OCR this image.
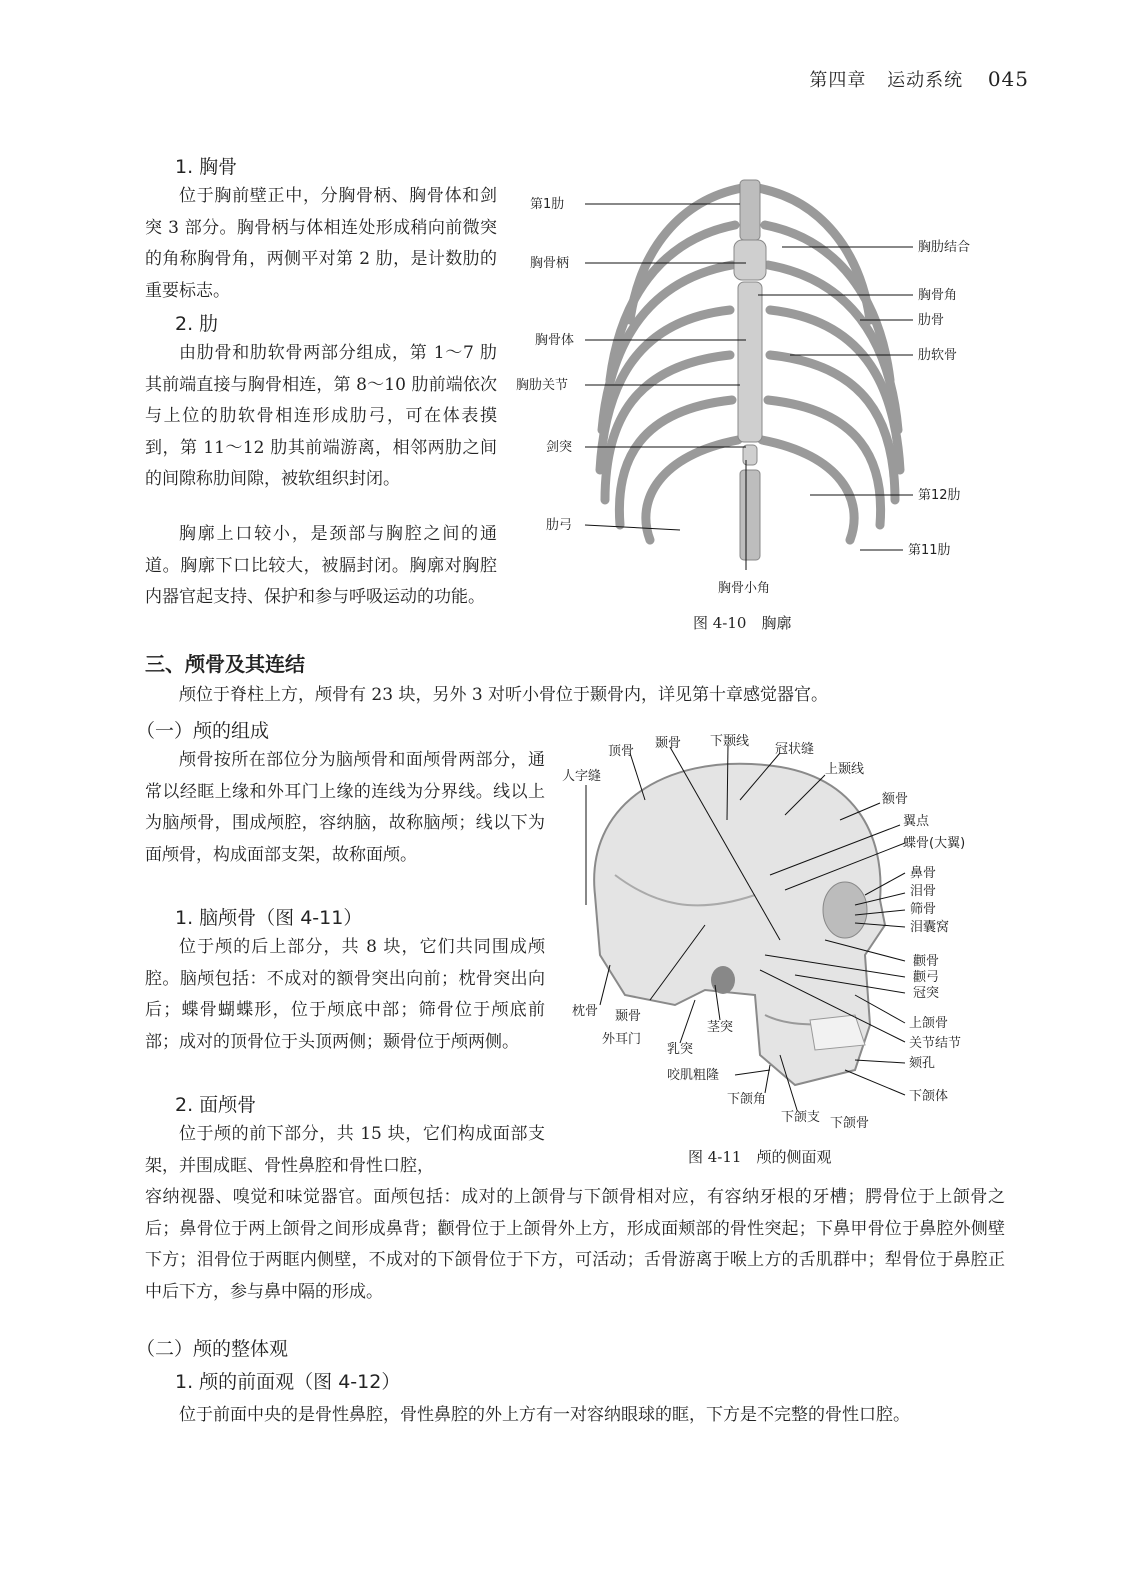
第四章 运动系统 045
1. 胸骨

位于胸前壁正中，分胸骨柄、胸骨体和剑突 3 部分。胸骨柄与体相连处形成稍向前微突的角称胸骨角，两侧平对第 2 肋，是计数肋的重要标志。

2. 肋

由肋骨和肋软骨两部分组成，第 1～7 肋其前端直接与胸骨相连，第 8～10 肋前端依次与上位的肋软骨相连形成肋弓，可在体表摸到，第 11～12 肋其前端游离，相邻两肋之间的间隙称肋间隙，被软组织封闭。

胸廓上口较小，是颈部与胸腔之间的通道。胸廓下口比较大，被膈封闭。胸廓对胸腔内器官起支持、保护和参与呼吸运动的功能。

第1肋
胸骨柄
胸骨体
胸肋关节
剑突
肋弓
胸骨小角
胸肋结合
胸骨角
肋骨
肋软骨
第12肋
第11肋
图 4-10　胸廓
三、颅骨及其连结

颅位于脊柱上方，颅骨有 23 块，另外 3 对听小骨位于颞骨内，详见第十章感觉器官。

（一）颅的组成

颅骨按所在部位分为脑颅骨和面颅骨两部分，通常以经眶上缘和外耳门上缘的连线为分界线。线以上为脑颅骨，围成颅腔，容纳脑，故称脑颅；线以下为面颅骨，构成面部支架，故称面颅。

1. 脑颅骨（图 4-11）

位于颅的后上部分，共 8 块，它们共同围成颅腔。脑颅包括：不成对的额骨突出向前；枕骨突出向后；蝶骨蝴蝶形，位于颅底中部；筛骨位于颅底前部；成对的顶骨位于头顶两侧；颞骨位于颅两侧。

2. 面颅骨

位于颅的前下部分，共 15 块，它们构成面部支架，并围成眶、骨性鼻腔和骨性口腔，

容纳视器、嗅觉和味觉器官。面颅包括：成对的上颌骨与下颌骨相对应，有容纳牙根的牙槽；腭骨位于上颌骨之后；鼻骨位于两上颌骨之间形成鼻背；颧骨位于上颌骨外上方，形成面颊部的骨性突起；下鼻甲骨位于鼻腔外侧壁下方；泪骨位于两眶内侧壁，不成对的下颌骨位于下方，可活动；舌骨游离于喉上方的舌肌群中；犁骨位于鼻腔正中后下方，参与鼻中隔的形成。

（二）颅的整体观
1. 颅的前面观（图 4-12）

位于前面中央的是骨性鼻腔，骨性鼻腔的外上方有一对容纳眼球的眶，下方是不完整的骨性口腔。

顶骨
颞骨 下颞线
冠状缝
人字缝	上颞线
额骨
翼点
蝶骨(大翼)
鼻骨
泪骨
筛骨
泪囊窝
颧骨
颧弓
冠突
枕骨 颞骨
外耳门
茎突
乳突
上颌骨
关节结节
颏孔
咬肌粗隆
下颌体
下颌角
下颌支 下颌骨
图 4-11　颅的侧面观
